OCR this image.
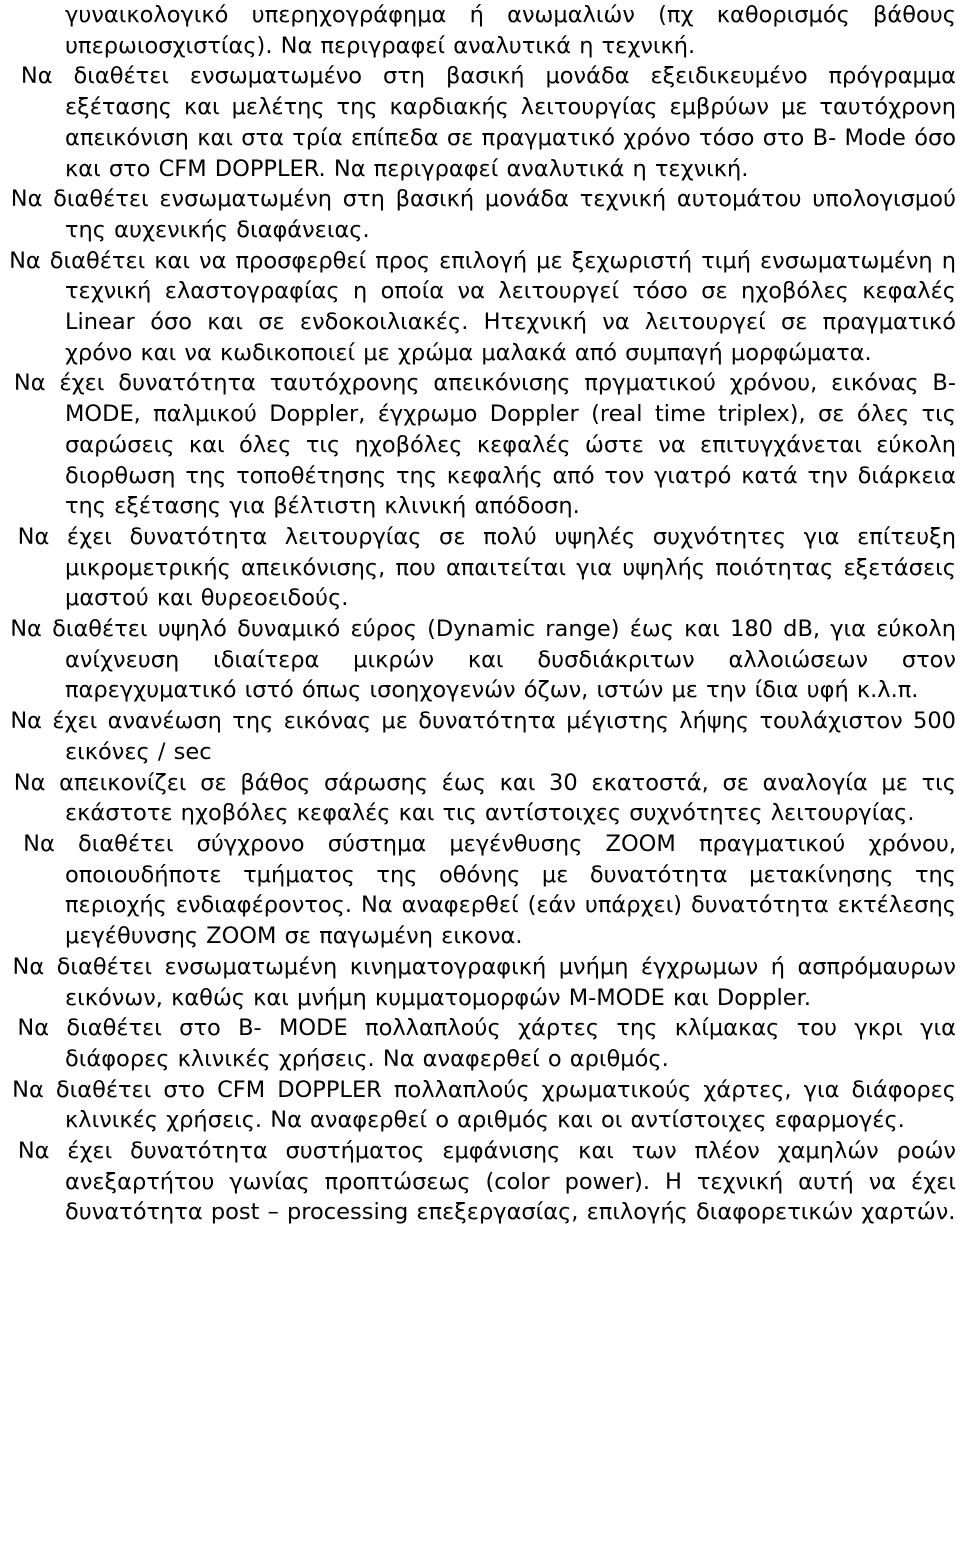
γυναικολογικό υπερηχογράφημα ή ανωμαλιών (πχ καθορισμός βάθους υπερωιοσχιστίας). Να περιγραφεί αναλυτικά η τεχνική.

Να διαθέτει ενσωματωμένο στη βασική μονάδα εξειδικευμένο πρόγραμμα εξέτασης και μελέτης της καρδιακής λειτουργίας εμβρύων με ταυτόχρονη απεικόνιση και στα τρία επίπεδα σε πραγματικό χρόνο τόσο στο B- Mode όσο και στο CFM DOPPLER. Να περιγραφεί αναλυτικά η τεχνική.

Να διαθέτει ενσωματωμένη στη βασική μονάδα τεχνική αυτομάτου υπολογισμού της αυχενικής διαφάνειας.

Να διαθέτει και να προσφερθεί προς επιλογή με ξεχωριστή τιμή ενσωματωμένη η τεχνική ελαστογραφίας η οποία να λειτουργεί τόσο σε ηχοβόλες κεφαλές Linear όσο και σε ενδοκοιλιακές. Ητεχνική να λειτουργεί σε πραγματικό χρόνο και να κωδικοποιεί με χρώμα μαλακά από συμπαγή μορφώματα.

Να έχει δυνατότητα ταυτόχρονης απεικόνισης πργματικού χρόνου, εικόνας B-MODE, παλμικού Doppler, έγχρωμο Doppler (real time triplex), σε όλες τις σαρώσεις και όλες τις ηχοβόλες κεφαλές ώστε να επιτυγχάνεται εύκολη διορθωση της τοποθέτησης της κεφαλής από τον γιατρό κατά την διάρκεια της εξέτασης για βέλτιστη κλινική απόδοση.

Να έχει δυνατότητα λειτουργίας σε πολύ υψηλές συχνότητες για επίτευξη μικρομετρικής απεικόνισης, που απαιτείται για υψηλής ποιότητας εξετάσεις μαστού και θυρεοειδούς.

Να διαθέτει υψηλό δυναμικό εύρος (Dynamic range) έως και 180 dB, για εύκολη ανίχνευση ιδιαίτερα μικρών και δυσδιάκριτων αλλοιώσεων στον παρεγχυματικό ιστό όπως ισοηχογενών όζων, ιστών με την ίδια υφή κ.λ.π.

Να έχει ανανέωση της εικόνας με δυνατότητα μέγιστης λήψης τουλάχιστον 500 εικόνες / sec

Να απεικονίζει σε βάθος σάρωσης έως και 30 εκατοστά, σε αναλογία με τις εκάστοτε ηχοβόλες κεφαλές και τις αντίστοιχες συχνότητες λειτουργίας.

Να διαθέτει σύγχρονο σύστημα μεγένθυσης ZOOM πραγματικού χρόνου, οποιουδήποτε τμήματος της οθόνης με δυνατότητα μετακίνησης της περιοχής ενδιαφέροντος. Να αναφερθεί (εάν υπάρχει) δυνατότητα εκτέλεσης μεγέθυνσης ZOOM σε παγωμένη εικονα.

Να διαθέτει ενσωματωμένη κινηματογραφική μνήμη έγχρωμων ή ασπρόμαυρων εικόνων, καθώς και μνήμη κυμματομορφών M-MODE και Doppler.

Να διαθέτει στο B- MODE πολλαπλούς χάρτες της κλίμακας του γκρι για διάφορες κλινικές χρήσεις. Να αναφερθεί ο αριθμός.

Να διαθέτει στο CFM DOPPLER πολλαπλούς χρωματικούς χάρτες, για διάφορες κλινικές χρήσεις. Να αναφερθεί ο αριθμός και οι αντίστοιχες εφαρμογές.

Να έχει δυνατότητα συστήματος εμφάνισης και των πλέον χαμηλών ροών ανεξαρτήτου γωνίας προπτώσεως (color power). Η τεχνική αυτή να έχει δυνατότητα post – processing επεξεργασίας, επιλογής διαφορετικών χαρτών.
